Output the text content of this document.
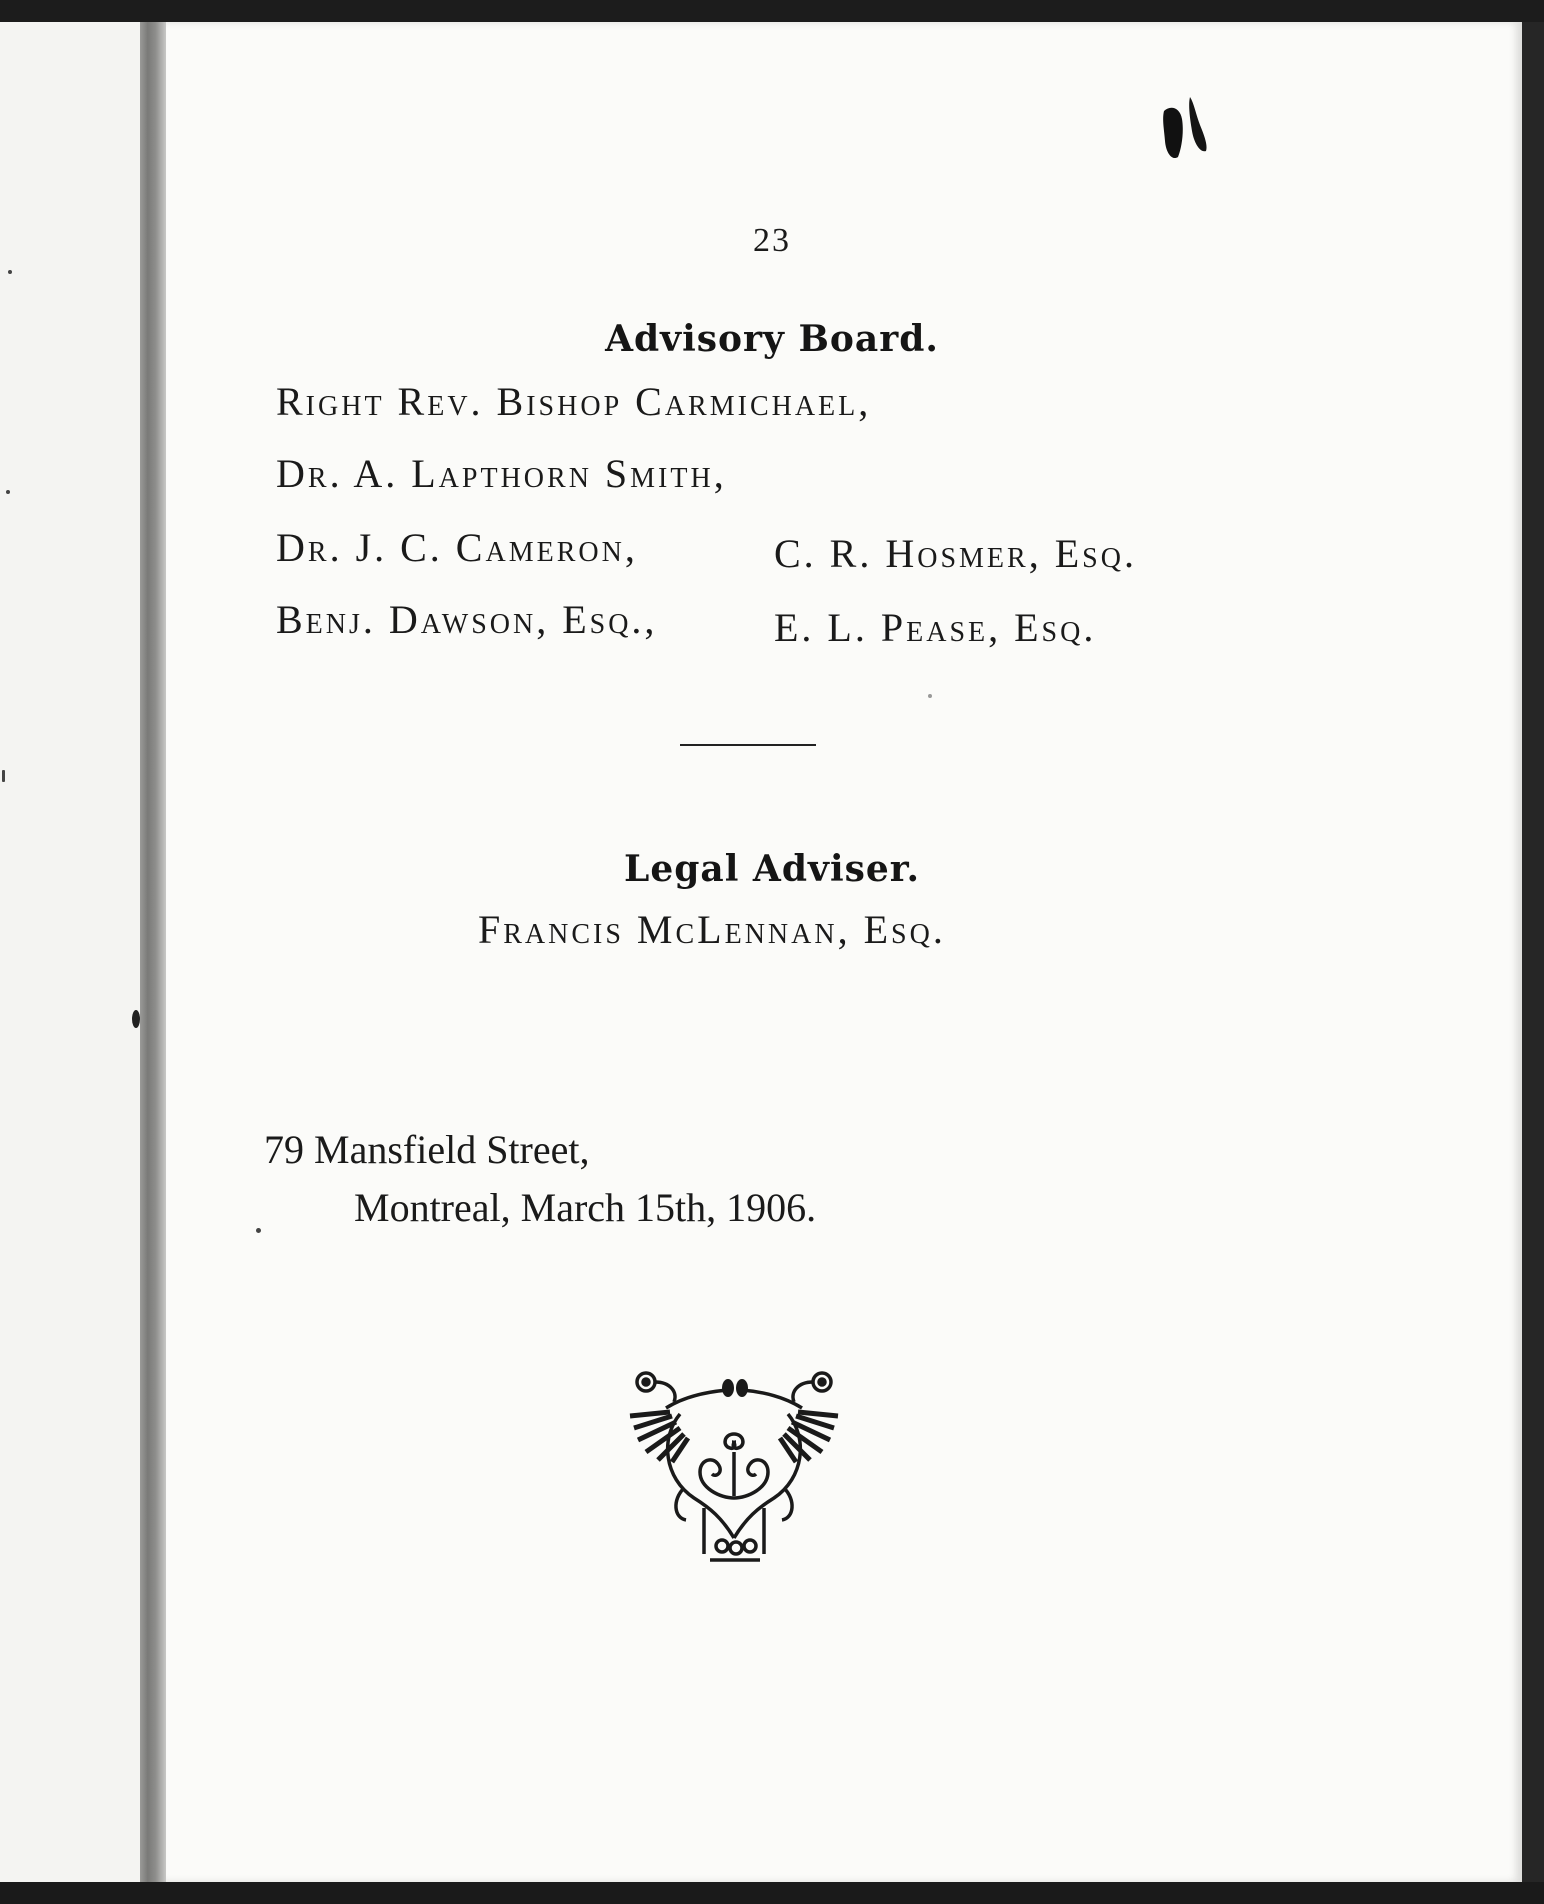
23
Advisory Board.
Right Rev. Bishop Carmichael,
Dr. A. Lapthorn Smith,
Dr. J. C. Cameron,	C. R. Hosmer, Esq.
Benj. Dawson, Esq.,	E. L. Pease, Esq.
Legal Adviser.
Francis McLennan, Esq.
79 Mansfield Street,
Montreal, March 15th, 1906.
